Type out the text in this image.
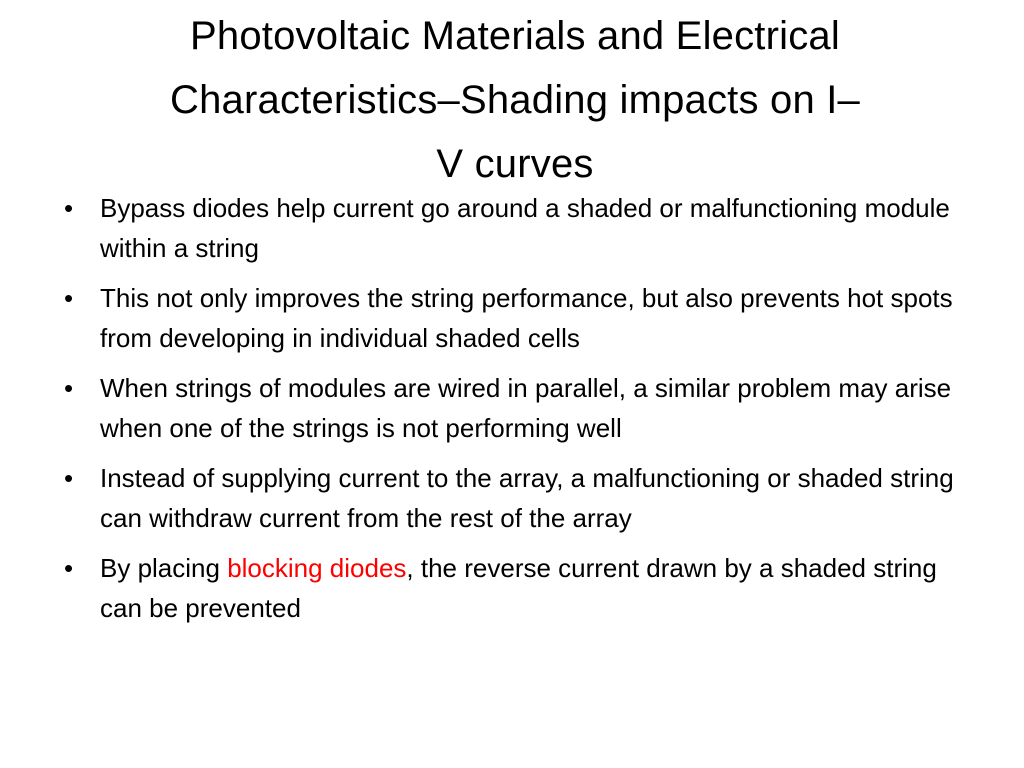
Photovoltaic Materials and Electrical
Characteristics–Shading impacts on I–
V curves
• Bypass diodes help current go around a shaded or malfunctioning module within a string
• This not only improves the string performance, but also prevents hot spots from developing in individual shaded cells
• When strings of modules are wired in parallel, a similar problem may arise when one of the strings is not performing well
• Instead of supplying current to the array, a malfunctioning or shaded string can withdraw current from the rest of the array
• By placing blocking diodes, the reverse current drawn by a shaded string can be prevented
